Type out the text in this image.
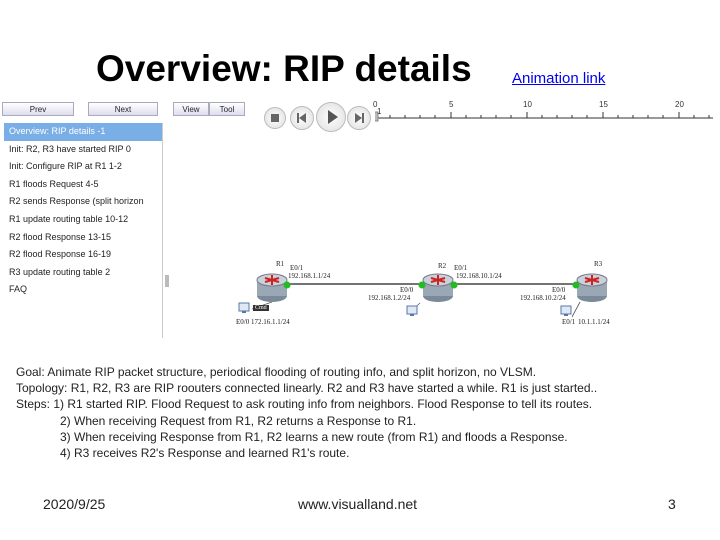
Overview: RIP details	Animation link
Prev	Next	View	Tool
Overview: RIP details -1
Init: R2, R3 have started RIP 0
Init: Configure RIP at R1 1-2
R1 floods Request 4-5
R2 sends Response (split horizon
R1 update routing table 10-12
R2 flood Response 13-15
R2 flood Response 16-19
R3 update routing table 2
FAQ
0
1
5	10	15	20
Cmd
R1 E0/1
192.168.1.1/24
E0/0 172.16.1.1/24
R2 E0/1
192.168.10.1/24
E0/0
192.168.1.2/24
R3
E0/0
192.168.10.2/24
E0/1 10.1.1.1/24
Goal: Animate RIP packet structure, periodical flooding of routing info, and split horizon, no VLSM.
Topology: R1, R2, R3 are RIP roouters connected linearly. R2 and R3 have started a while. R1 is just started..
Steps: 1) R1 started RIP. Flood Request to ask routing info from neighbors. Flood Response to tell its routes.
2) When receiving Request from R1, R2 returns a Response to R1.
3) When receiving Response from R1, R2 learns a new route (from R1) and floods a Response.
4) R3 receives R2's Response and learned R1's route.
2020/9/25	www.visualland.net	3
